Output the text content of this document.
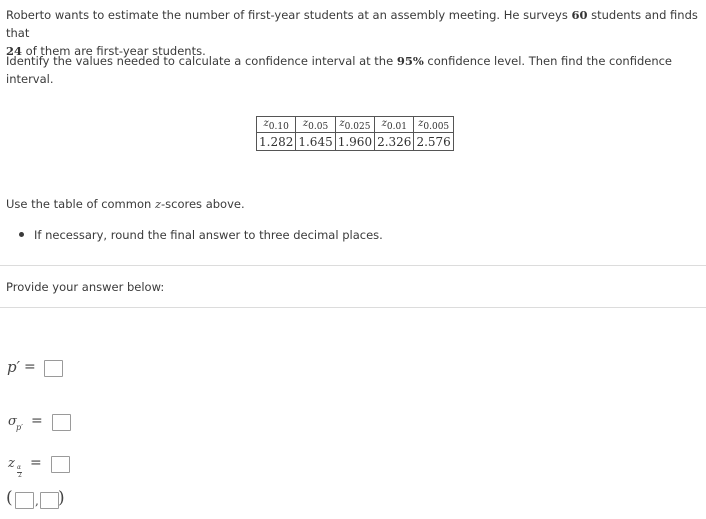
Roberto wants to estimate the number of first-year students at an assembly meeting. He surveys 60 students and finds that
24 of them are first-year students.
Identify the values needed to calculate a confidence interval at the 95% confidence level. Then find the confidence interval.
$z_{0.10}$	$z_{0.05}$	$z_{0.025}$	$z_{0.01}$	$z_{0.005}$
1.282	1.645	1.960	2.326	2.576
Use the table of common z-scores above.
If necessary, round the final answer to three decimal places.
Provide your answer below:
p′ =
σ p′ =
z α
2
=
( , )
